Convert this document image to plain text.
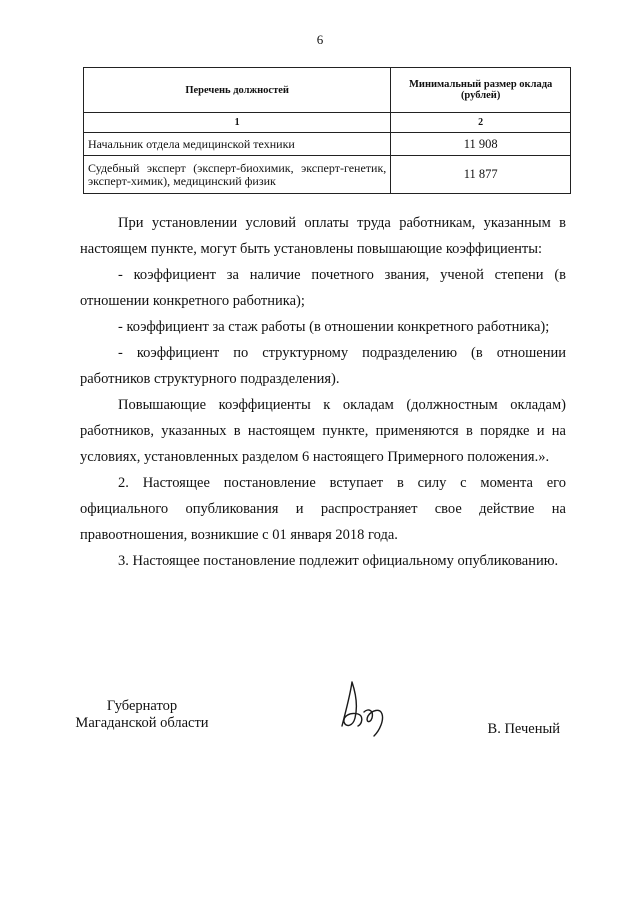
6
Перечень должностей	Минимальный размер оклада (рублей)
1	2
Начальник отдела медицинской техники	11 908
Судебный эксперт (эксперт-биохимик, эксперт-генетик, эксперт-химик), медицинский физик	11 877

При установлении условий оплаты труда работникам, указанным в настоящем пункте, могут быть установлены повышающие коэффициенты:

- коэффициент за наличие почетного звания, ученой степени (в отношении конкретного работника);

- коэффициент за стаж работы (в отношении конкретного работника);

- коэффициент по структурному подразделению (в отношении работников структурного подразделения).

Повышающие коэффициенты к окладам (должностным окладам) работников, указанных в настоящем пункте, применяются в порядке и на условиях, установленных разделом 6 настоящего Примерного положения.».

2. Настоящее постановление вступает в силу с момента его официального опубликования и распространяет свое действие на правоотношения, возникшие с 01 января 2018 года.

3. Настоящее постановление подлежит официальному опубликованию.

Губернатор
Магаданской области	В. Печеный
